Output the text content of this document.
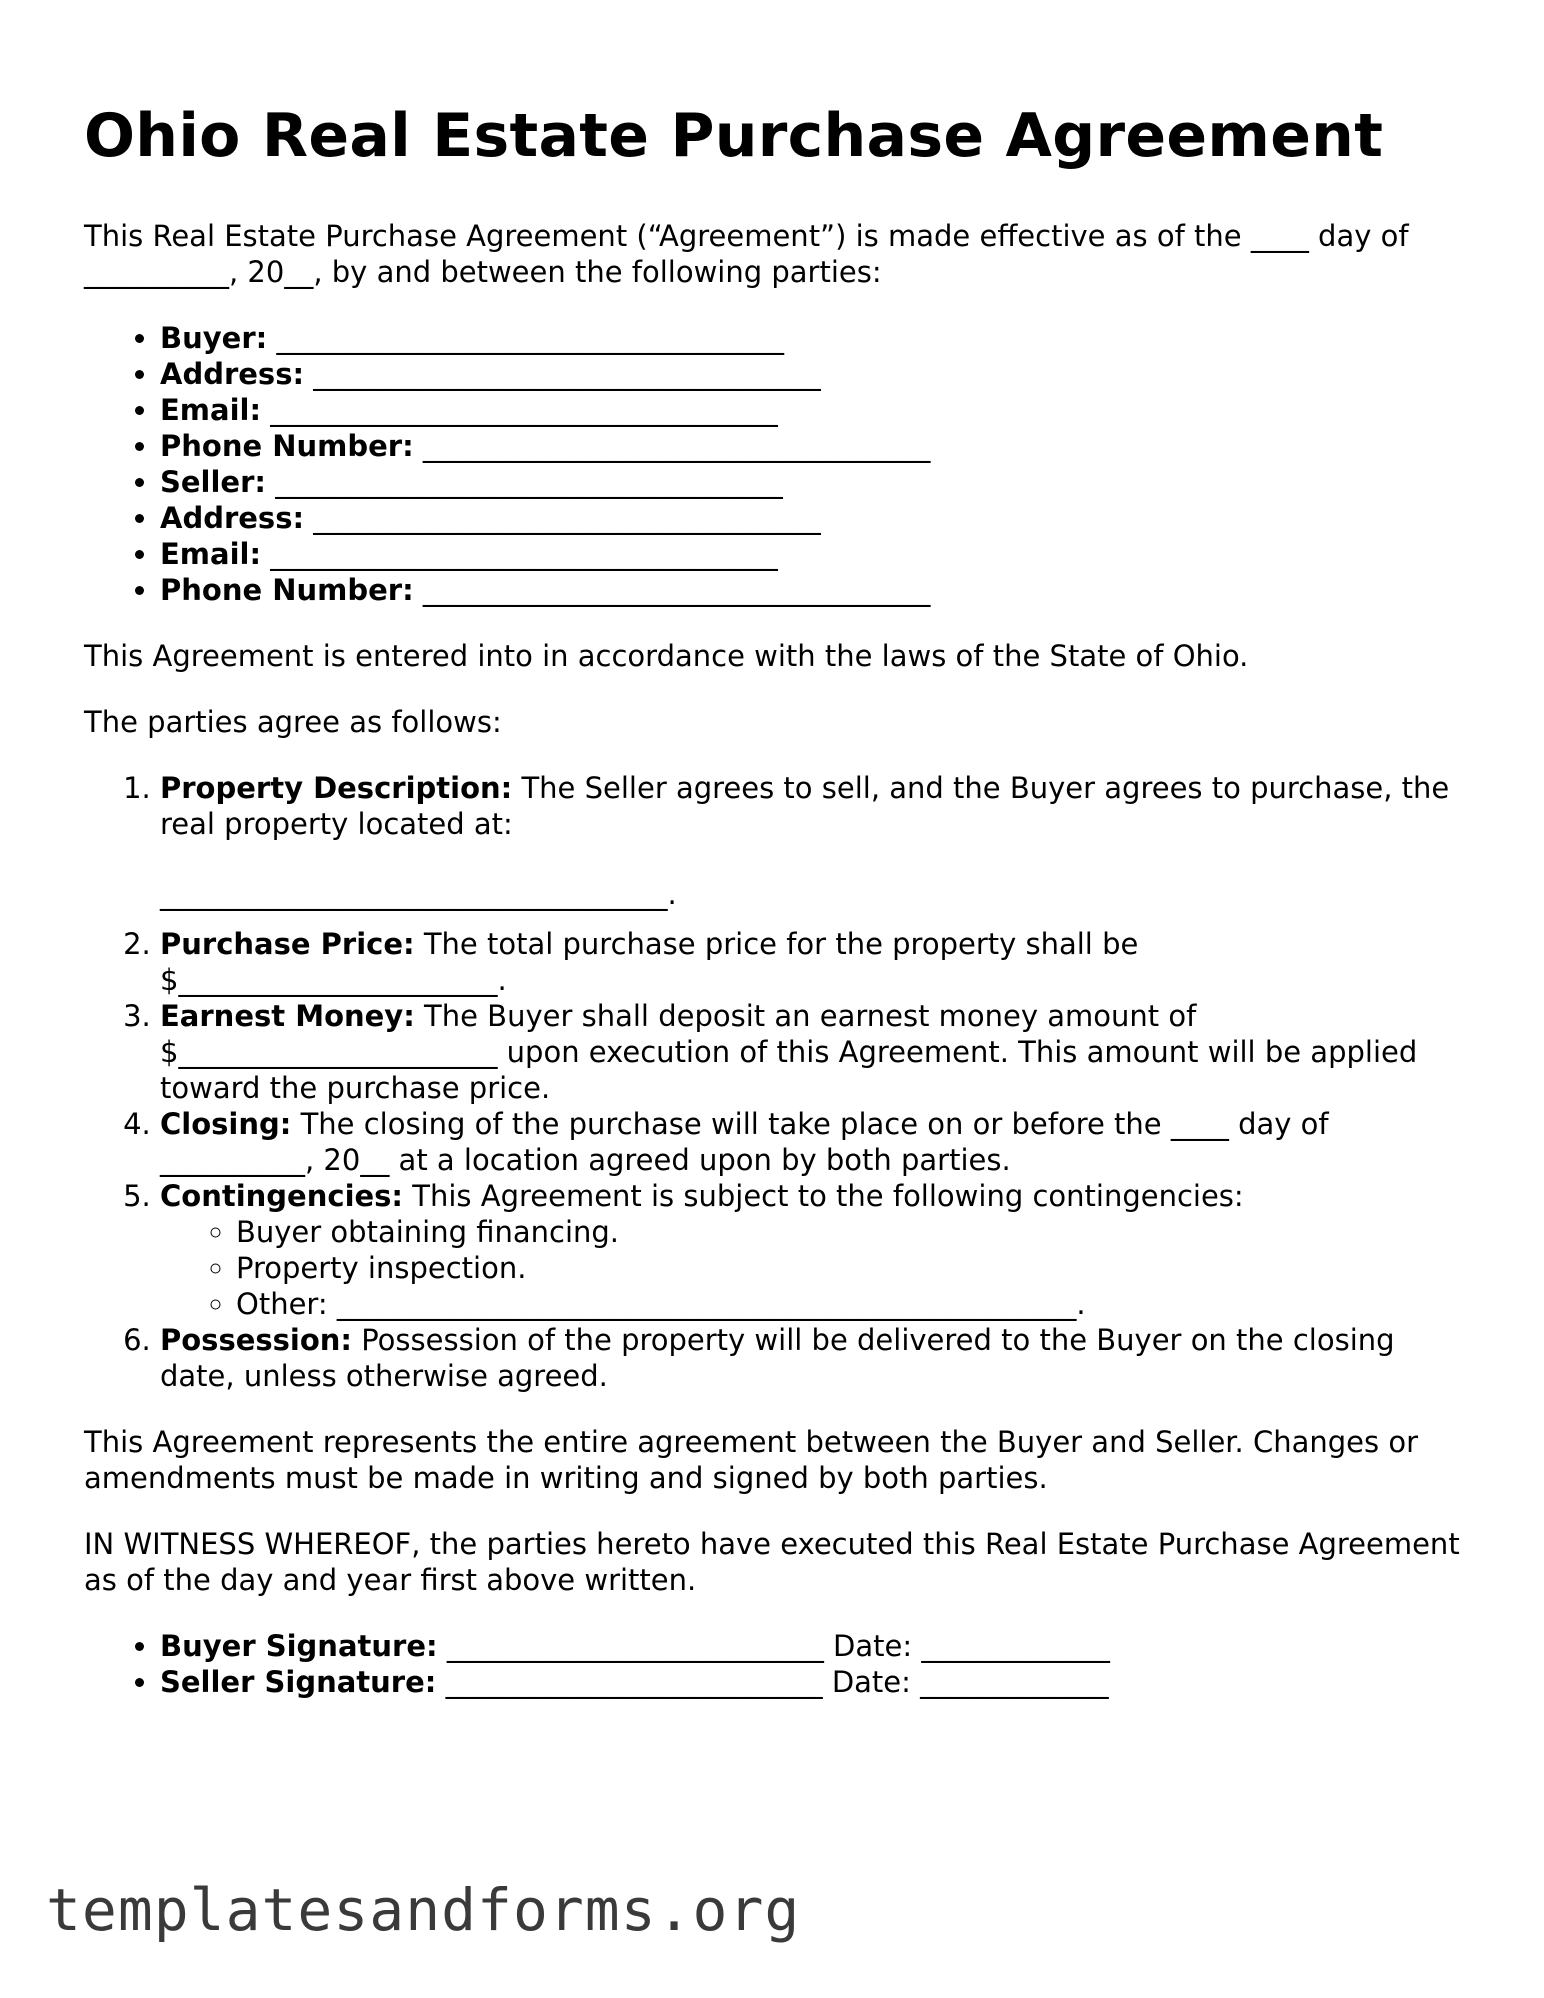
Ohio Real Estate Purchase Agreement

This Real Estate Purchase Agreement (“Agreement”) is made effective as of the ____ day of __________, 20__, by and between the following parties:

• Buyer: ___________________________________
• Address: ___________________________________
• Email: ___________________________________
• Phone Number: ___________________________________
• Seller: ___________________________________
• Address: ___________________________________
• Email: ___________________________________
• Phone Number: ___________________________________

This Agreement is entered into in accordance with the laws of the State of Ohio.

The parties agree as follows:

1. Property Description: The Seller agrees to sell, and the Buyer agrees to purchase, the real property located at:
___________________________________.
2. Purchase Price: The total purchase price for the property shall be $______________________.
3. Earnest Money: The Buyer shall deposit an earnest money amount of $______________________ upon execution of this Agreement. This amount will be applied toward the purchase price.
4. Closing: The closing of the purchase will take place on or before the ____ day of __________, 20__ at a location agreed upon by both parties.
5. Contingencies: This Agreement is subject to the following contingencies:
◦ Buyer obtaining financing.
◦ Property inspection.
◦ Other: ___________________________________________________.
6. Possession: Possession of the property will be delivered to the Buyer on the closing date, unless otherwise agreed.

This Agreement represents the entire agreement between the Buyer and Seller. Changes or amendments must be made in writing and signed by both parties.

IN WITNESS WHEREOF, the parties hereto have executed this Real Estate Purchase Agreement as of the day and year first above written.

• Buyer Signature: __________________________ Date: _____________
• Seller Signature: __________________________ Date: _____________
templatesandforms.org
